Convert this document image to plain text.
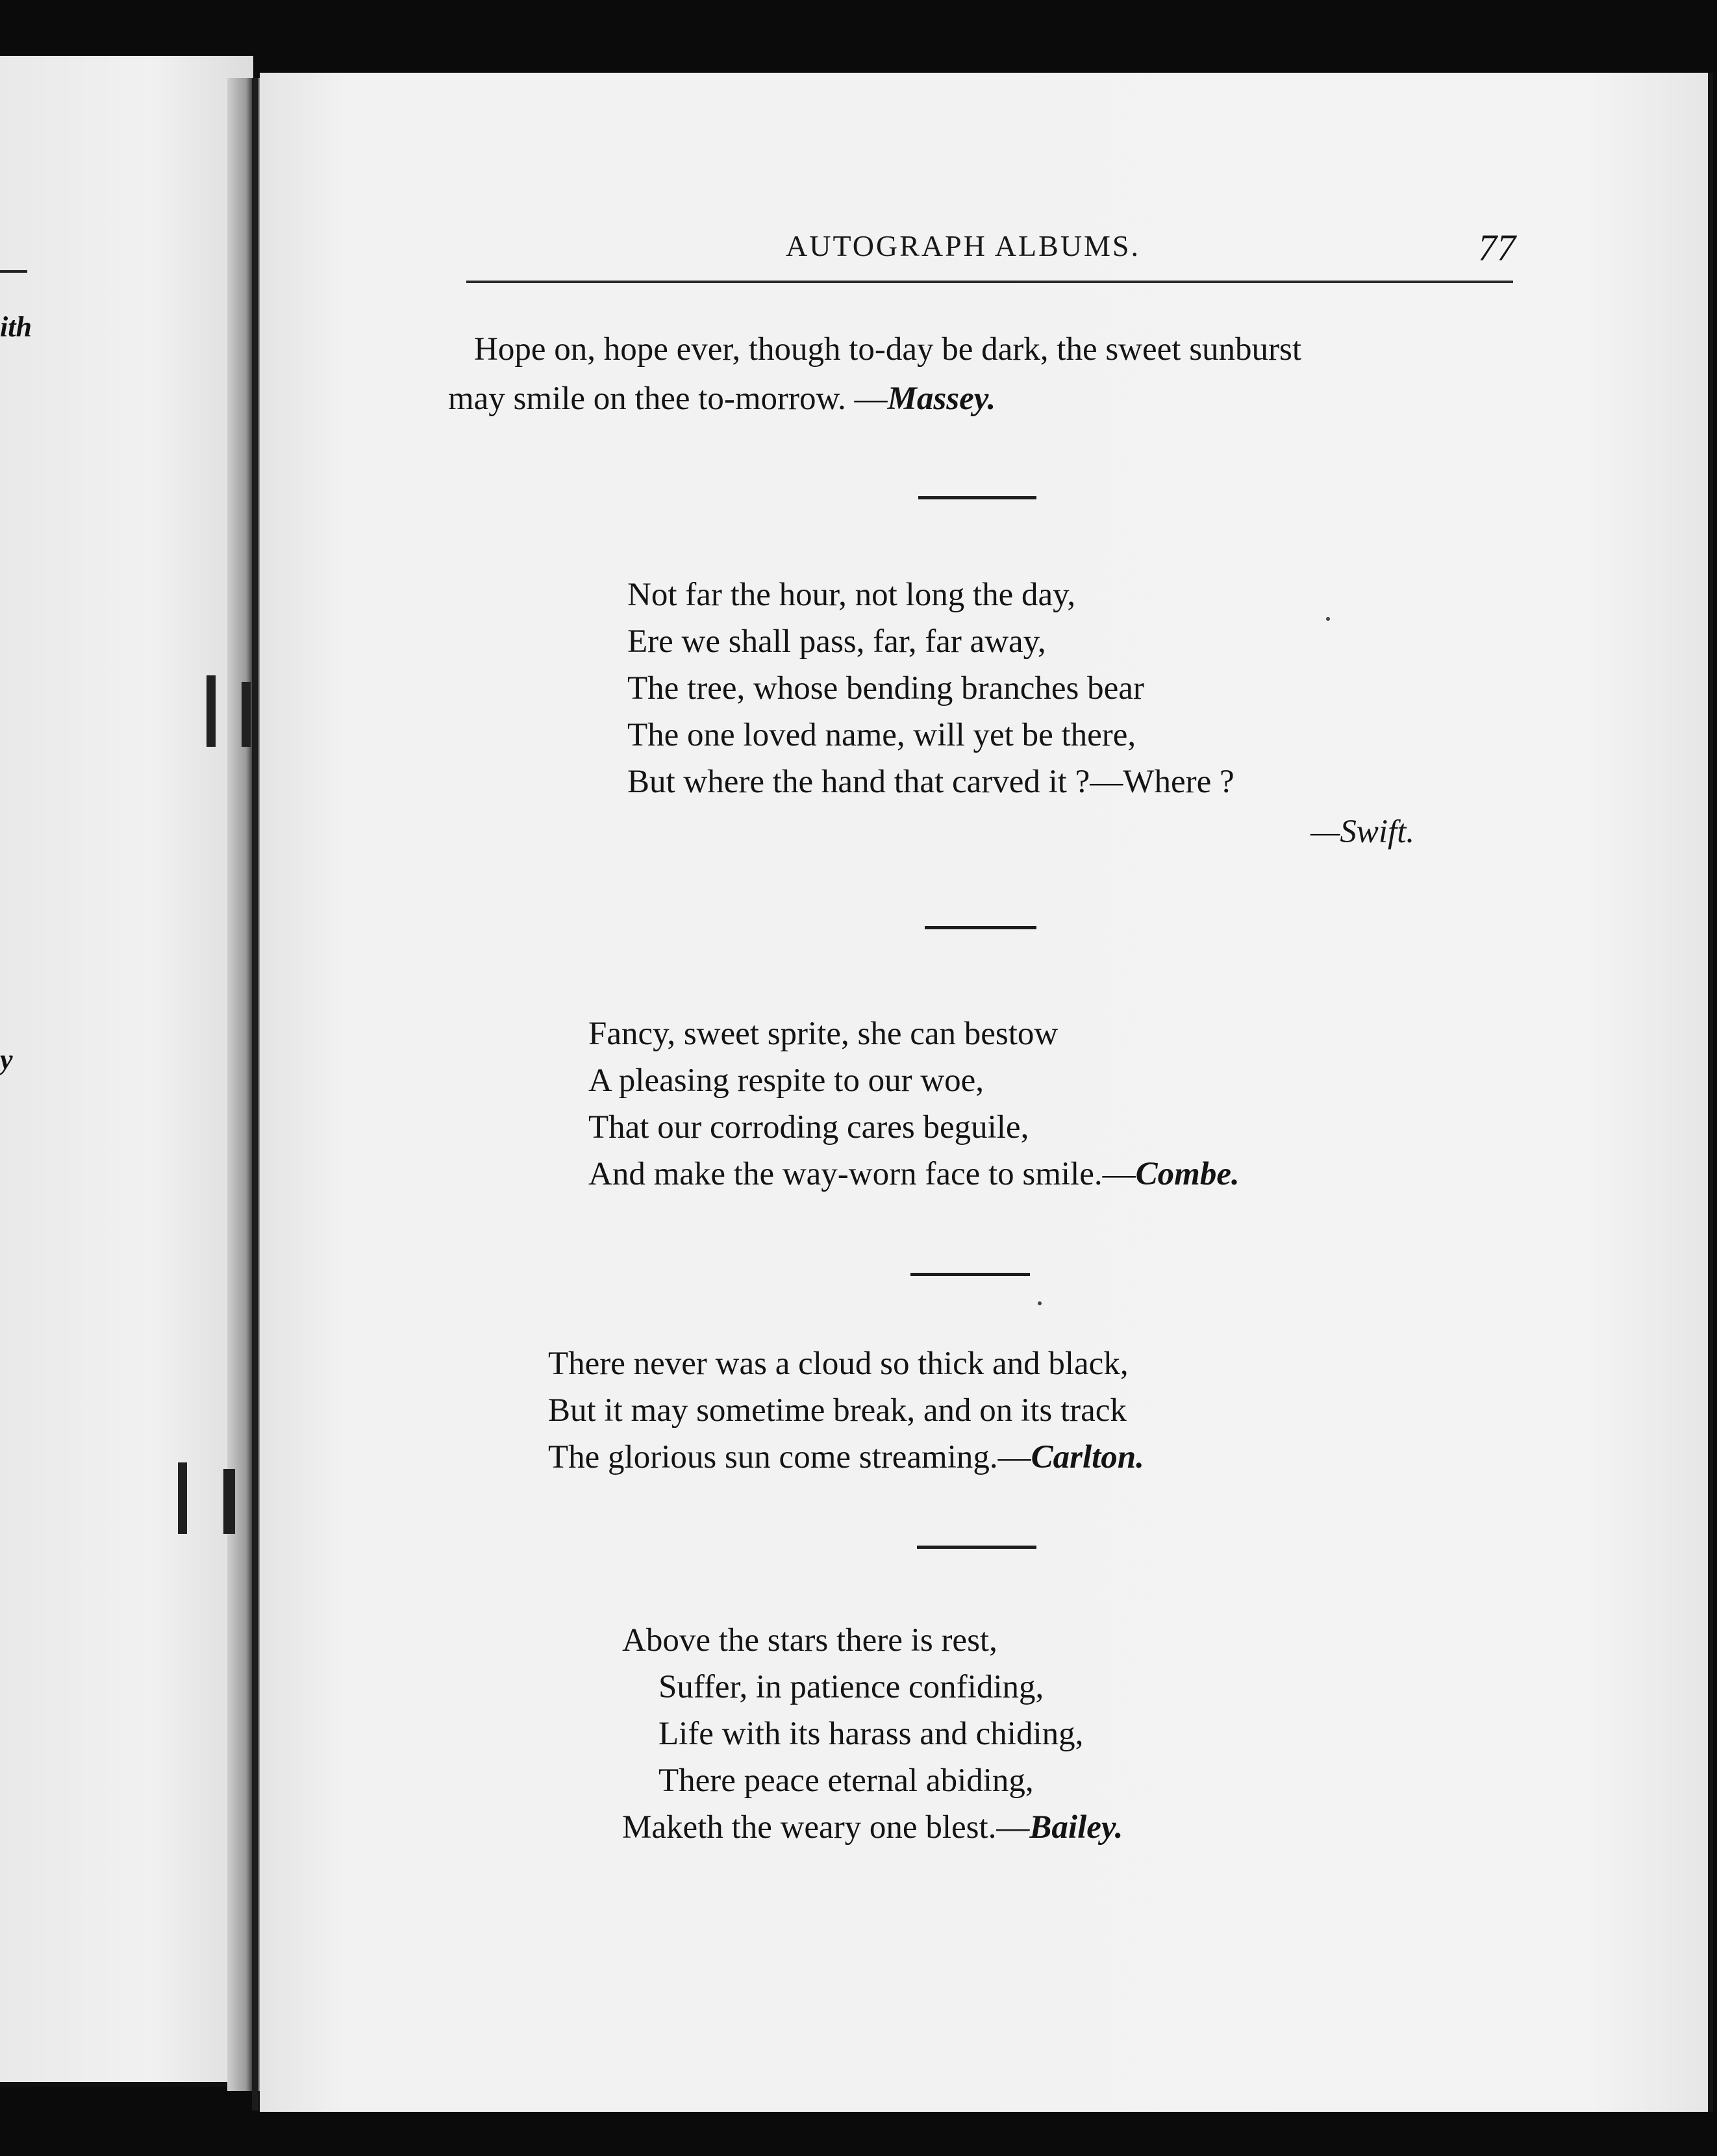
ith
y
AUTOGRAPH ALBUMS.	77
Hope on, hope ever, though to-day be dark, the sweet sunburst
may smile on thee to-morrow. —Massey.
Not far the hour, not long the day,
Ere we shall pass, far, far away,
The tree, whose bending branches bear
The one loved name, will yet be there,
But where the hand that carved it ?—Where ?
—Swift.
Fancy, sweet sprite, she can bestow
A pleasing respite to our woe,
That our corroding cares beguile,
And make the way-worn face to smile.—Combe.
There never was a cloud so thick and black,
But it may sometime break, and on its track
The glorious sun come streaming.—Carlton.
Above the stars there is rest,
Suffer, in patience confiding,
Life with its harass and chiding,
There peace eternal abiding,
Maketh the weary one blest.—Bailey.
